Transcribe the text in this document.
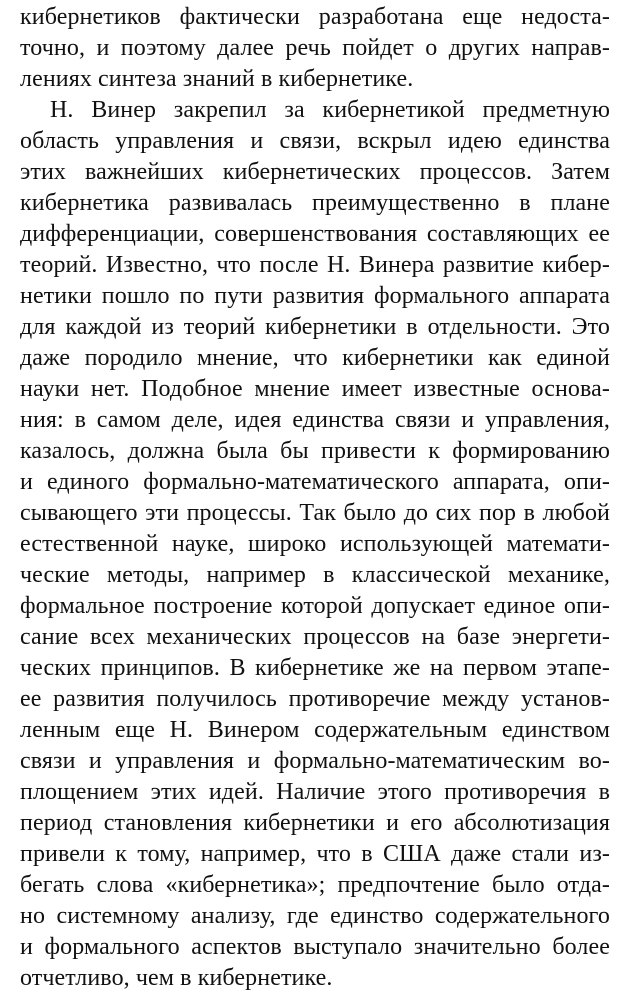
кибернетиков фактически разработана еще недоста-
точно, и поэтому далее речь пойдет о других направ-
лениях синтеза знаний в кибернетике.
Н. Винер закрепил за кибернетикой предметную
область управления и связи, вскрыл идею единства
этих важнейших кибернетических процессов. Затем
кибернетика развивалась преимущественно в плане
дифференциации, совершенствования составляющих ее
теорий. Известно, что после Н. Винера развитие кибер-
нетики пошло по пути развития формального аппарата
для каждой из теорий кибернетики в отдельности. Это
даже породило мнение, что кибернетики как единой
науки нет. Подобное мнение имеет известные основа-
ния: в самом деле, идея единства связи и управления,
казалось, должна была бы привести к формированию
и единого формально-математического аппарата, опи-
сывающего эти процессы. Так было до сих пор в любой
естественной науке, широко использующей математи-
ческие методы, например в классической механике,
формальное построение которой допускает единое опи-
сание всех механических процессов на базе энергети-
ческих принципов. В кибернетике же на первом этапе-
ее развития получилось противоречие между установ-
ленным еще Н. Винером содержательным единством
связи и управления и формально-математическим во-
площением этих идей. Наличие этого противоречия в
период становления кибернетики и его абсолютизация
привели к тому, например, что в США даже стали из-
бегать слова «кибернетика»; предпочтение было отда-
но системному анализу, где единство содержательного
и формального аспектов выступало значительно более
отчетливо, чем в кибернетике.
